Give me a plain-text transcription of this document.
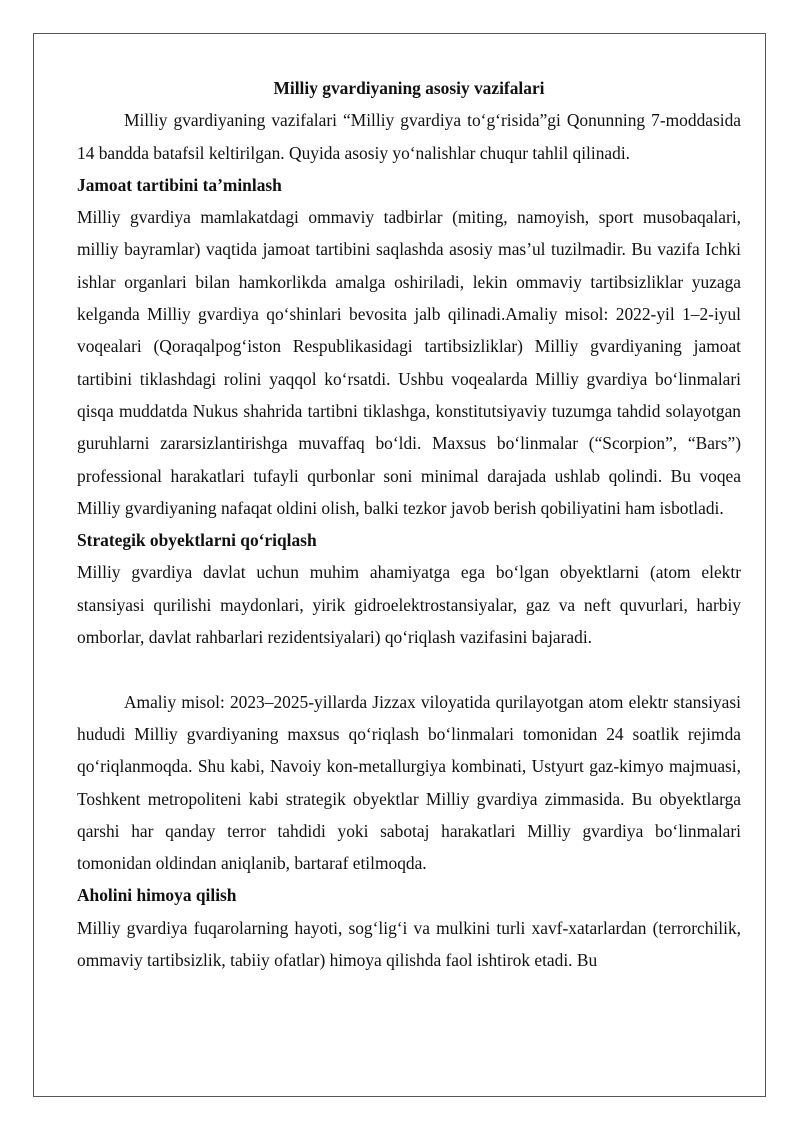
Milliy gvardiyaning asosiy vazifalari

Milliy gvardiyaning vazifalari “Milliy gvardiya to‘g‘risida”gi Qonunning 7-moddasida 14 bandda batafsil keltirilgan. Quyida asosiy yo‘nalishlar chuqur tahlil qilinadi.

Jamoat tartibini ta’minlash

Milliy gvardiya mamlakatdagi ommaviy tadbirlar (miting, namoyish, sport musobaqalari, milliy bayramlar) vaqtida jamoat tartibini saqlashda asosiy mas’ul tuzilmadir. Bu vazifa Ichki ishlar organlari bilan hamkorlikda amalga oshiriladi, lekin ommaviy tartibsizliklar yuzaga kelganda Milliy gvardiya qo‘shinlari bevosita jalb qilinadi.Amaliy misol: 2022-yil 1–2-iyul voqealari (Qoraqalpog‘iston Respublikasidagi tartibsizliklar) Milliy gvardiyaning jamoat tartibini tiklashdagi rolini yaqqol ko‘rsatdi. Ushbu voqealarda Milliy gvardiya bo‘linmalari qisqa muddatda Nukus shahrida tartibni tiklashga, konstitutsiyaviy tuzumga tahdid solayotgan guruhlarni zararsizlantirishga muvaffaq bo‘ldi. Maxsus bo‘linmalar (“Scorpion”, “Bars”) professional harakatlari tufayli qurbonlar soni minimal darajada ushlab qolindi. Bu voqea Milliy gvardiyaning nafaqat oldini olish, balki tezkor javob berish qobiliyatini ham isbotladi.

Strategik obyektlarni qo‘riqlash

Milliy gvardiya davlat uchun muhim ahamiyatga ega bo‘lgan obyektlarni (atom elektr stansiyasi qurilishi maydonlari, yirik gidroelektrostansiyalar, gaz va neft quvurlari, harbiy omborlar, davlat rahbarlari rezidentsiyalari) qo‘riqlash vazifasini bajaradi.

Amaliy misol: 2023–2025-yillarda Jizzax viloyatida qurilayotgan atom elektr stansiyasi hududi Milliy gvardiyaning maxsus qo‘riqlash bo‘linmalari tomonidan 24 soatlik rejimda qo‘riqlanmoqda. Shu kabi, Navoiy kon-metallurgiya kombinati, Ustyurt gaz-kimyo majmuasi, Toshkent metropoliteni kabi strategik obyektlar Milliy gvardiya zimmasida. Bu obyektlarga qarshi har qanday terror tahdidi yoki sabotaj harakatlari Milliy gvardiya bo‘linmalari tomonidan oldindan aniqlanib, bartaraf etilmoqda.

Aholini himoya qilish

Milliy gvardiya fuqarolarning hayoti, sog‘lig‘i va mulkini turli xavf-xatarlardan (terrorchilik, ommaviy tartibsizlik, tabiiy ofatlar) himoya qilishda faol ishtirok etadi. Bu
